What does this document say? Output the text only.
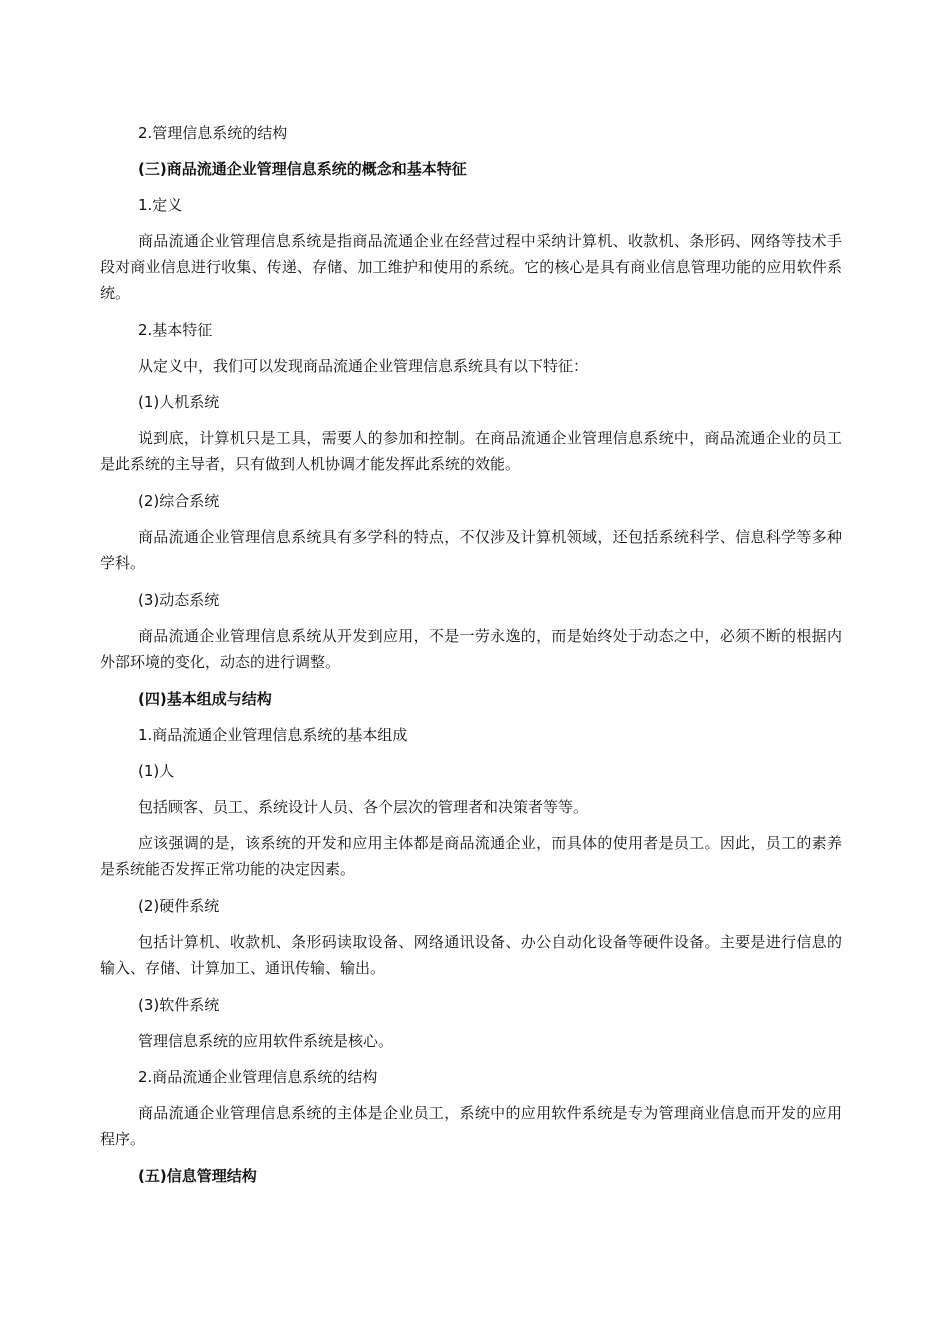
2.管理信息系统的结构

(三)商品流通企业管理信息系统的概念和基本特征

1.定义

商品流通企业管理信息系统是指商品流通企业在经营过程中采纳计算机、收款机、条形码、网络等技术手段对商业信息进行收集、传递、存储、加工维护和使用的系统。它的核心是具有商业信息管理功能的应用软件系统。

2.基本特征

从定义中，我们可以发现商品流通企业管理信息系统具有以下特征：

(1)人机系统

说到底，计算机只是工具，需要人的参加和控制。在商品流通企业管理信息系统中，商品流通企业的员工是此系统的主导者，只有做到人机协调才能发挥此系统的效能。

(2)综合系统

商品流通企业管理信息系统具有多学科的特点，不仅涉及计算机领域，还包括系统科学、信息科学等多种学科。

(3)动态系统

商品流通企业管理信息系统从开发到应用，不是一劳永逸的，而是始终处于动态之中，必须不断的根据内外部环境的变化，动态的进行调整。

(四)基本组成与结构

1.商品流通企业管理信息系统的基本组成

(1)人

包括顾客、员工、系统设计人员、各个层次的管理者和决策者等等。

应该强调的是，该系统的开发和应用主体都是商品流通企业，而具体的使用者是员工。因此，员工的素养是系统能否发挥正常功能的决定因素。

(2)硬件系统

包括计算机、收款机、条形码读取设备、网络通讯设备、办公自动化设备等硬件设备。主要是进行信息的输入、存储、计算加工、通讯传输、输出。

(3)软件系统

管理信息系统的应用软件系统是核心。

2.商品流通企业管理信息系统的结构

商品流通企业管理信息系统的主体是企业员工，系统中的应用软件系统是专为管理商业信息而开发的应用程序。

(五)信息管理结构
